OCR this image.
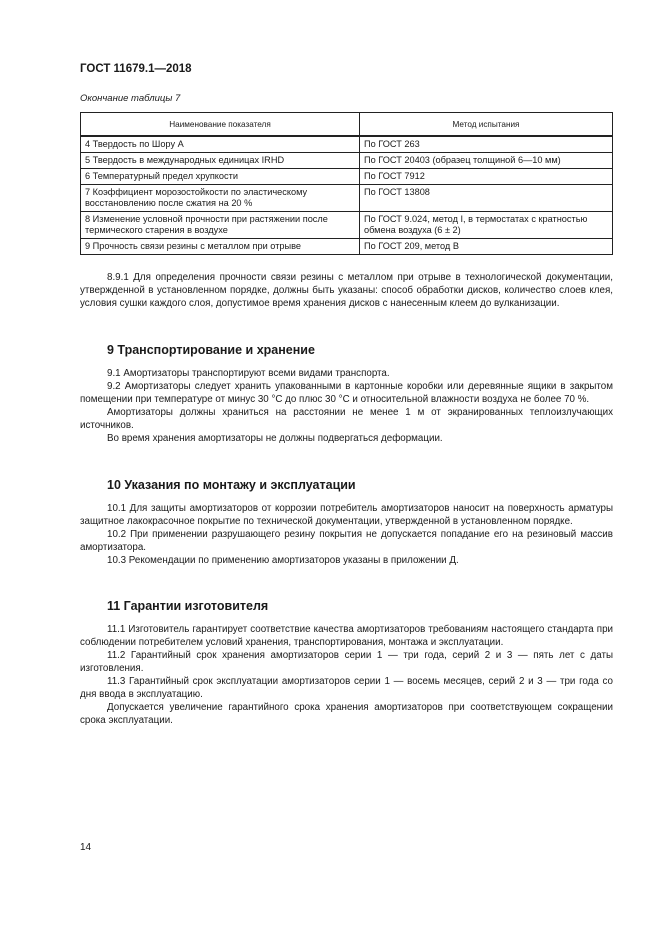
ГОСТ 11679.1—2018
Окончание таблицы 7
Наименование показателя	Метод испытания
4 Твердость по Шору А	По ГОСТ 263
5 Твердость в международных единицах IRHD	По ГОСТ 20403 (образец толщиной 6—10 мм)
6 Температурный предел хрупкости	По ГОСТ 7912
7 Коэффициент морозостойкости по эластическому восстановлению после сжатия на 20 %	По ГОСТ 13808
8 Изменение условной прочности при растяжении после термического старения в воздухе	По ГОСТ 9.024, метод I, в термостатах с кратностью обмена воздуха (6 ± 2)
9 Прочность связи резины с металлом при отрыве	По ГОСТ 209, метод В

8.9.1 Для определения прочности связи резины с металлом при отрыве в технологической документации, утвержденной в установленном порядке, должны быть указаны: способ обработки дисков, количество слоев клея, условия сушки каждого слоя, допустимое время хранения дисков с нанесенным клеем до вулканизации.

9 Транспортирование и хранение

9.1 Амортизаторы транспортируют всеми видами транспорта.

9.2 Амортизаторы следует хранить упакованными в картонные коробки или деревянные ящики в закрытом помещении при температуре от минус 30 °С до плюс 30 °С и относительной влажности воздуха не более 70 %.

Амортизаторы должны храниться на расстоянии не менее 1 м от экранированных теплоизлучающих источников.

Во время хранения амортизаторы не должны подвергаться деформации.

10 Указания по монтажу и эксплуатации

10.1 Для защиты амортизаторов от коррозии потребитель амортизаторов наносит на поверхность арматуры защитное лакокрасочное покрытие по технической документации, утвержденной в установленном порядке.

10.2 При применении разрушающего резину покрытия не допускается попадание его на резиновый массив амортизатора.

10.3 Рекомендации по применению амортизаторов указаны в приложении Д.

11 Гарантии изготовителя

11.1 Изготовитель гарантирует соответствие качества амортизаторов требованиям настоящего стандарта при соблюдении потребителем условий хранения, транспортирования, монтажа и эксплуатации.

11.2 Гарантийный срок хранения амортизаторов серии 1 — три года, серий 2 и 3 — пять лет с даты изготовления.

11.3 Гарантийный срок эксплуатации амортизаторов серии 1 — восемь месяцев, серий 2 и 3 — три года со дня ввода в эксплуатацию.

Допускается увеличение гарантийного срока хранения амортизаторов при соответствующем сокращении срока эксплуатации.

14
